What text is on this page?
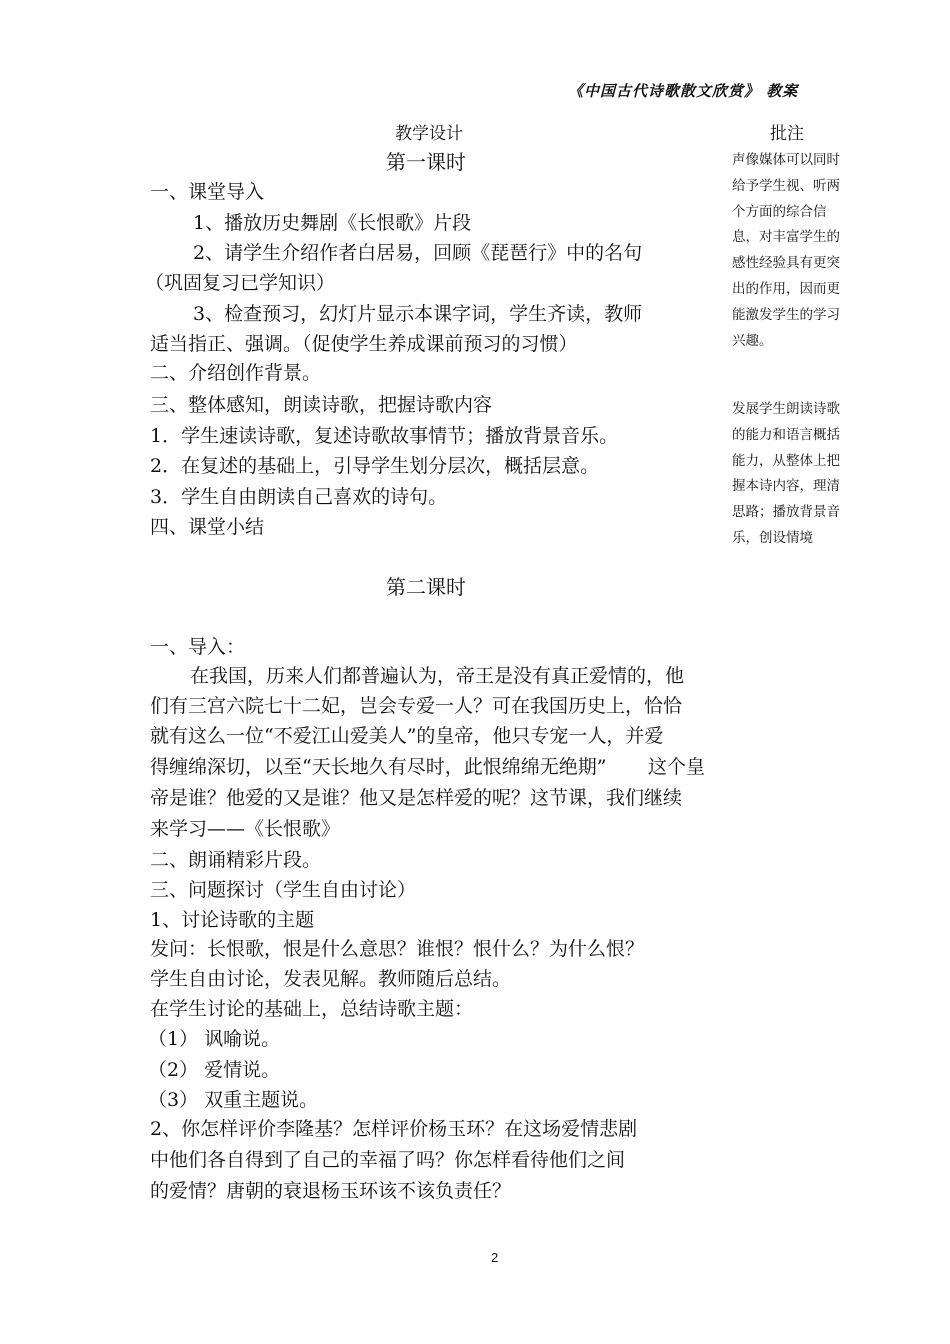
《中国古代诗歌散文欣赏》 教案
教学设计	批注
第一课时
一、课堂导入
1、播放历史舞剧《长恨歌》片段
2、请学生介绍作者白居易，回顾《琵琶行》中的名句
（巩固复习已学知识）
3、检查预习，幻灯片显示本课字词，学生齐读，教师
适当指正、强调。（促使学生养成课前预习的习惯）
二、介绍创作背景。
三、整体感知，朗读诗歌，把握诗歌内容
1．学生速读诗歌，复述诗歌故事情节；播放背景音乐。
2．在复述的基础上，引导学生划分层次，概括层意。
3．学生自由朗读自己喜欢的诗句。
四、课堂小结
声像媒体可以同时给予学生视、听两个方面的综合信息，对丰富学生的感性经验具有更突出的作用，因而更能激发学生的学习兴趣。
发展学生朗读诗歌的能力和语言概括能力，从整体上把握本诗内容，理清思路；播放背景音乐，创设情境
第二课时
一、导入：
在我国，历来人们都普遍认为，帝王是没有真正爱情的，他
们有三宫六院七十二妃，岂会专爱一人？可在我国历史上，恰恰
就有这么一位“不爱江山爱美人”的皇帝，他只专宠一人，并爱
得缠绵深切，以至“天长地久有尽时，此恨绵绵无绝期” 这个皇
帝是谁？他爱的又是谁？他又是怎样爱的呢？这节课，我们继续
来学习——《长恨歌》
二、朗诵精彩片段。
三、问题探讨（学生自由讨论）
1、讨论诗歌的主题
发问：长恨歌，恨是什么意思？谁恨？恨什么？为什么恨？
学生自由讨论，发表见解。教师随后总结。
在学生讨论的基础上，总结诗歌主题：
（1） 讽喻说。
（2） 爱情说。
（3） 双重主题说。
2、你怎样评价李隆基？怎样评价杨玉环？在这场爱情悲剧
中他们各自得到了自己的幸福了吗？你怎样看待他们之间
的爱情？唐朝的衰退杨玉环该不该负责任？
2
